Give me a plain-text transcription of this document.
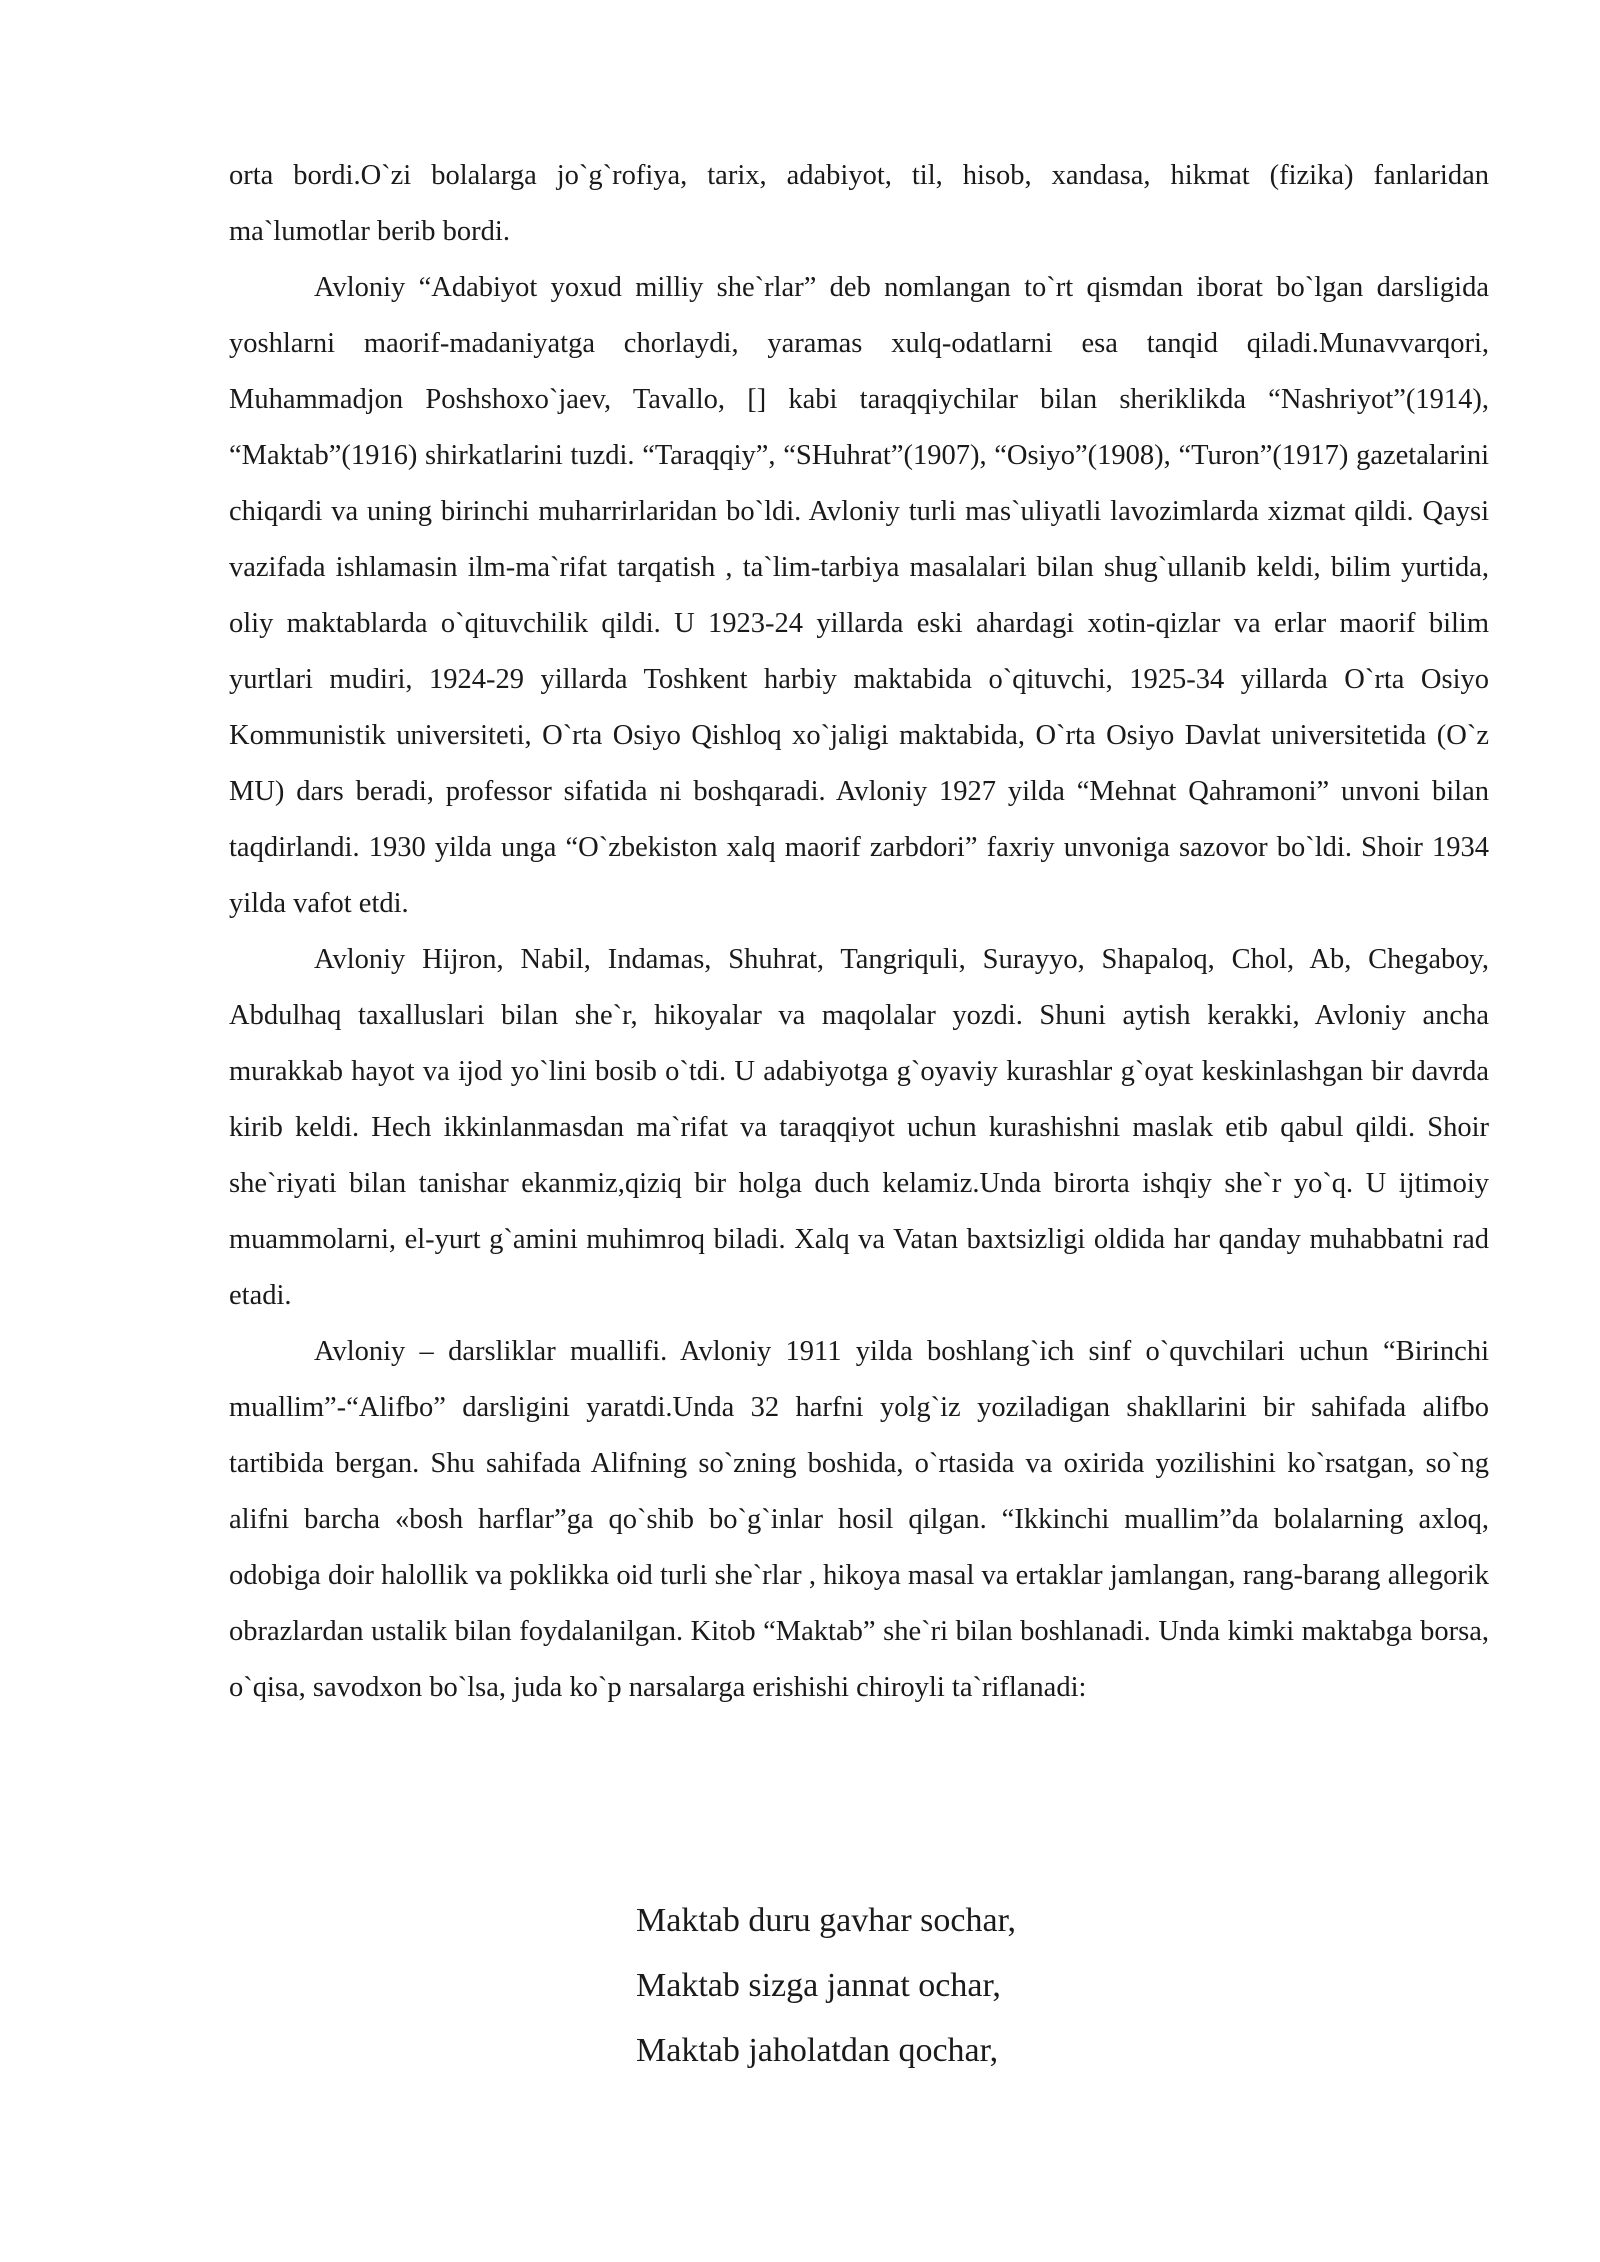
orta bordi.O`zi bolalarga jo`g`rofiya, tarix, adabiyot, til, hisob, xandasa, hikmat (fizika) fanlaridan ma`lumotlar berib bordi.

Avloniy “Adabiyot yoxud milliy she`rlar” deb nomlangan to`rt qismdan iborat bo`lgan darsligida yoshlarni maorif-madaniyatga chorlaydi, yaramas xulq-odatlarni esa tanqid qiladi.Munavvarqori, Muhammadjon Poshshoxo`jaev, Tavallo, [] kabi taraqqiychilar bilan sheriklikda “Nashriyot”(1914), “Maktab”(1916) shirkatlarini tuzdi. “Taraqqiy”, “SHuhrat”(1907), “Osiyo”(1908), “Turon”(1917) gazetalarini chiqardi va uning birinchi muharrirlaridan bo`ldi. Avloniy turli mas`uliyatli lavozimlarda xizmat qildi. Qaysi vazifada ishlamasin ilm-ma`rifat tarqatish , ta`lim-tarbiya masalalari bilan shug`ullanib keldi, bilim yurtida, oliy maktablarda o`qituvchilik qildi. U 1923-24 yillarda eski ahardagi xotin-qizlar va erlar maorif bilim yurtlari mudiri, 1924-29 yillarda Toshkent harbiy maktabida o`qituvchi, 1925-34 yillarda O`rta Osiyo Kommunistik universiteti, O`rta Osiyo Qishloq xo`jaligi maktabida, O`rta Osiyo Davlat universitetida (O`z MU) dars beradi, professor sifatida ni boshqaradi. Avloniy 1927 yilda “Mehnat Qahramoni” unvoni bilan taqdirlandi. 1930 yilda unga “O`zbekiston xalq maorif zarbdori” faxriy unvoniga sazovor bo`ldi. Shoir 1934 yilda vafot etdi.

Avloniy Hijron, Nabil, Indamas, Shuhrat, Tangriquli, Surayyo, Shapaloq, Chol, Ab, Chegaboy, Abdulhaq taxalluslari bilan she`r, hikoyalar va maqolalar yozdi. Shuni aytish kerakki, Avloniy ancha murakkab hayot va ijod yo`lini bosib o`tdi. U adabiyotga g`oyaviy kurashlar g`oyat keskinlashgan bir davrda kirib keldi. Hech ikkinlanmasdan ma`rifat va taraqqiyot uchun kurashishni maslak etib qabul qildi. Shoir she`riyati bilan tanishar ekanmiz,qiziq bir holga duch kelamiz.Unda birorta ishqiy she`r yo`q. U ijtimoiy muammolarni, el-yurt g`amini muhimroq biladi. Xalq va Vatan baxtsizligi oldida har qanday muhabbatni rad etadi.

Avloniy – darsliklar muallifi. Avloniy 1911 yilda boshlang`ich sinf o`quvchilari uchun “Birinchi muallim”-“Alifbo” darsligini yaratdi.Unda 32 harfni yolg`iz yoziladigan shakllarini bir sahifada alifbo tartibida bergan. Shu sahifada Alifning so`zning boshida, o`rtasida va oxirida yozilishini ko`rsatgan, so`ng alifni barcha «bosh harflar”ga qo`shib bo`g`inlar hosil qilgan. “Ikkinchi muallim”da bolalarning axloq, odobiga doir halollik va poklikka oid turli she`rlar , hikoya masal va ertaklar jamlangan, rang-barang allegorik obrazlardan ustalik bilan foydalanilgan. Kitob “Maktab” she`ri bilan boshlanadi. Unda kimki maktabga borsa, o`qisa, savodxon bo`lsa, juda ko`p narsalarga erishishi chiroyli ta`riflanadi:

Maktab duru gavhar sochar,
Maktab sizga jannat ochar,
Maktab jaholatdan qochar,
